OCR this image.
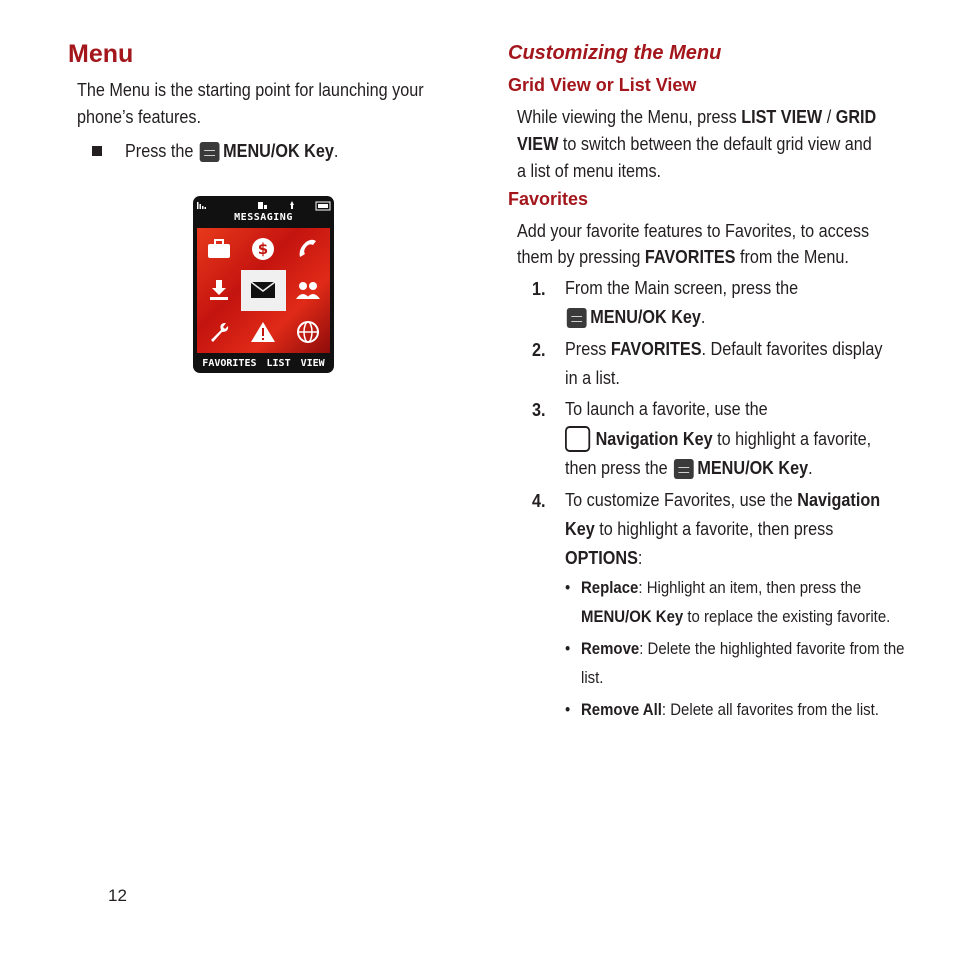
Menu
The Menu is the starting point for launching your
phone’s features.
Press the MENU/OK Key.
MESSAGING
$
FAVORITES LIST VIEW
Customizing the Menu
Grid View or List View
While viewing the Menu, press LIST VIEW / GRID
VIEW to switch between the default grid view and
a list of menu items.
Favorites
Add your favorite features to Favorites, to access
them by pressing FAVORITES from the Menu.
1. From the Main screen, press the
MENU/OK Key.
2. Press FAVORITES. Default favorites display
in a list.
3. To launch a favorite, use the
Navigation Key to highlight a favorite,
then press the MENU/OK Key.
4. To customize Favorites, use the Navigation
Key to highlight a favorite, then press
OPTIONS:
• Replace: Highlight an item, then press the
MENU/OK Key to replace the existing favorite.
• Remove: Delete the highlighted favorite from the
list.
• Remove All: Delete all favorites from the list.
12
